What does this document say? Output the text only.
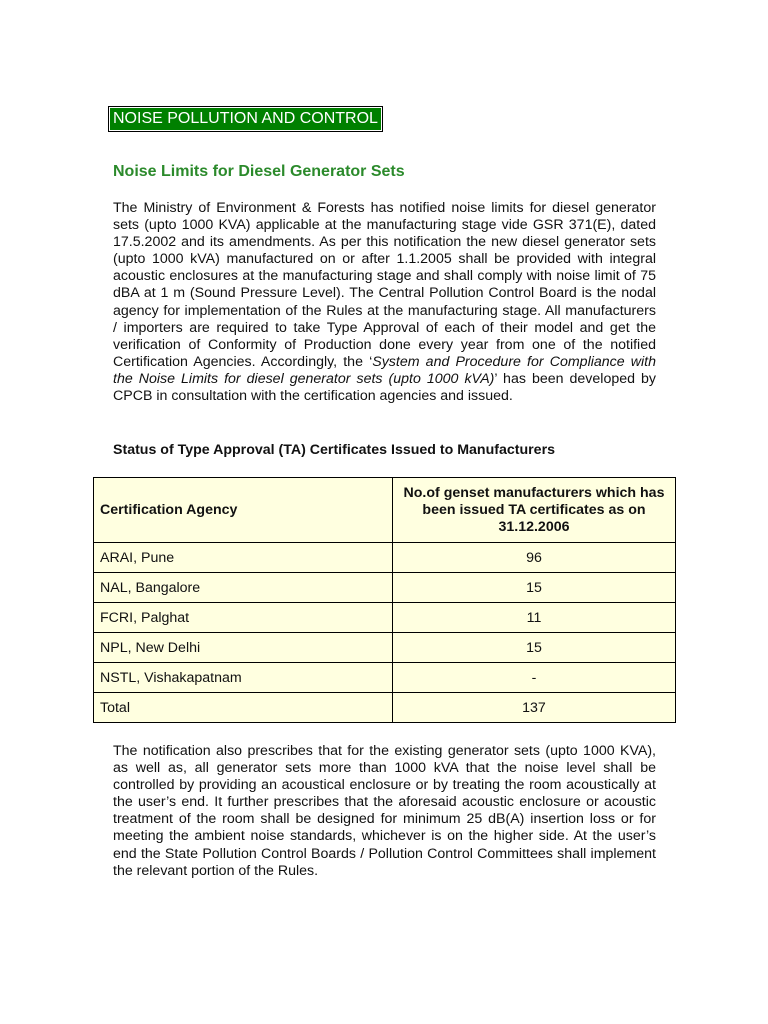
NOISE POLLUTION AND CONTROL
Noise Limits for Diesel Generator Sets

The Ministry of Environment & Forests has notified noise limits for diesel generator sets (upto 1000 KVA) applicable at the manufacturing stage vide GSR 371(E), dated 17.5.2002 and its amendments. As per this notification the new diesel generator sets (upto 1000 kVA) manufactured on or after 1.1.2005 shall be provided with integral acoustic enclosures at the manufacturing stage and shall comply with noise limit of 75 dBA at 1 m (Sound Pressure Level). The Central Pollution Control Board is the nodal agency for implementation of the Rules at the manufacturing stage. All manufacturers / importers are required to take Type Approval of each of their model and get the verification of Conformity of Production done every year from one of the notified Certification Agencies. Accordingly, the ‘System and Procedure for Compliance with the Noise Limits for diesel generator sets (upto 1000 kVA)’ has been developed by CPCB in consultation with the certification agencies and issued.

Status of Type Approval (TA) Certificates Issued to Manufacturers
Certification Agency	No.of genset manufacturers which has been issued TA certificates as on 31.12.2006
ARAI, Pune	96
NAL, Bangalore	15
FCRI, Palghat	11
NPL, New Delhi	15
NSTL, Vishakapatnam	-
Total	137

The notification also prescribes that for the existing generator sets (upto 1000 KVA), as well as, all generator sets more than 1000 kVA that the noise level shall be controlled by providing an acoustical enclosure or by treating the room acoustically at the user’s end. It further prescribes that the aforesaid acoustic enclosure or acoustic treatment of the room shall be designed for minimum 25 dB(A) insertion loss or for meeting the ambient noise standards, whichever is on the higher side. At the user’s end the State Pollution Control Boards / Pollution Control Committees shall implement the relevant portion of the Rules.
